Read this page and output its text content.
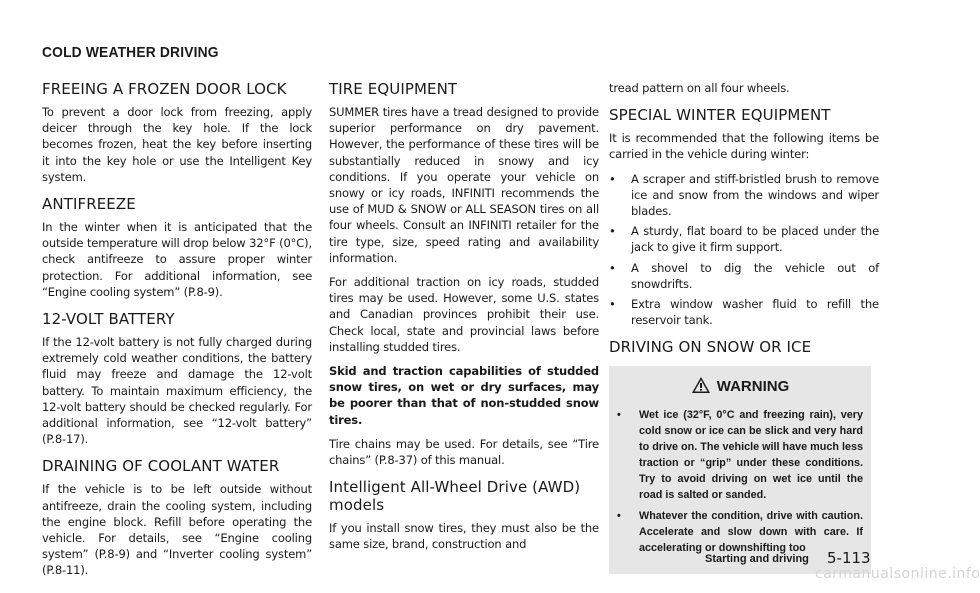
COLD WEATHER DRIVING
FREEING A FROZEN DOOR LOCK

To prevent a door lock from freezing, apply deicer through the key hole. If the lock becomes frozen, heat the key before inserting it into the key hole or use the Intelligent Key system.

ANTIFREEZE

In the winter when it is anticipated that the outside temperature will drop below 32°F (0°C), check antifreeze to assure proper winter protection. For additional information, see “Engine cooling system” (P.8-9).

12-VOLT BATTERY

If the 12-volt battery is not fully charged during extremely cold weather conditions, the battery fluid may freeze and damage the 12-volt battery. To maintain maximum efficiency, the 12-volt battery should be checked regularly. For additional information, see “12-volt battery” (P.8-17).

DRAINING OF COOLANT WATER

If the vehicle is to be left outside without antifreeze, drain the cooling system, including the engine block. Refill before operating the vehicle. For details, see “Engine cooling system” (P.8-9) and “Inverter cooling system” (P.8-11).

TIRE EQUIPMENT

SUMMER tires have a tread designed to provide superior performance on dry pavement. However, the performance of these tires will be substantially reduced in snowy and icy conditions. If you operate your vehicle on snowy or icy roads, INFINITI recommends the use of MUD & SNOW or ALL SEASON tires on all four wheels. Consult an INFINITI retailer for the tire type, size, speed rating and availability information.

For additional traction on icy roads, studded tires may be used. However, some U.S. states and Canadian provinces prohibit their use. Check local, state and provincial laws before installing studded tires.

Skid and traction capabilities of studded snow tires, on wet or dry surfaces, may be poorer than that of non-studded snow tires.

Tire chains may be used. For details, see “Tire chains” (P.8-37) of this manual.

Intelligent All-Wheel Drive (AWD) models

If you install snow tires, they must also be the same size, brand, construction and

tread pattern on all four wheels.

SPECIAL WINTER EQUIPMENT

It is recommended that the following items be carried in the vehicle during winter:

• A scraper and stiff-bristled brush to remove ice and snow from the windows and wiper blades.
• A sturdy, flat board to be placed under the jack to give it firm support.
• A shovel to dig the vehicle out of snowdrifts.
• Extra window washer fluid to refill the reservoir tank.
DRIVING ON SNOW OR ICE
WARNING
• Wet ice (32°F, 0°C and freezing rain), very cold snow or ice can be slick and very hard to drive on. The vehicle will have much less traction or “grip” under these conditions. Try to avoid driving on wet ice until the road is salted or sanded.
• Whatever the condition, drive with caution. Accelerate and slow down with care. If accelerating or downshifting too
Starting and driving 5-113
carmanualsonline.info
